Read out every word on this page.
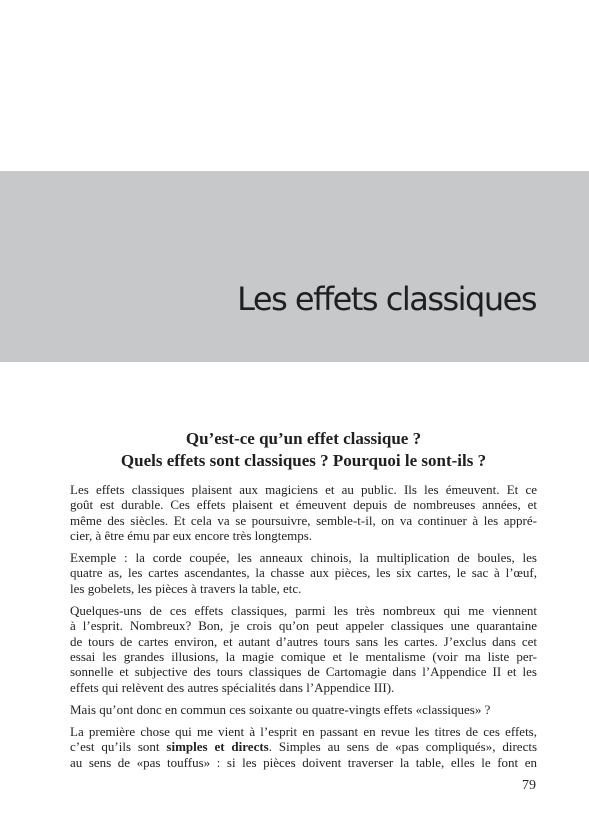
Les effets classiques
Qu’est-ce qu’un effet classique ?
Quels effets sont classiques ? Pourquoi le sont-ils ?

Les effets classiques plaisent aux magiciens et au public. Ils les émeuvent. Et ce
goût est durable. Ces effets plaisent et émeuvent depuis de nombreuses années, et
même des siècles. Et cela va se poursuivre, semble-t-il, on va continuer à les appré-
cier, à être ému par eux encore très longtemps.

Exemple : la corde coupée, les anneaux chinois, la multiplication de boules, les
quatre as, les cartes ascendantes, la chasse aux pièces, les six cartes, le sac à l’œuf,
les gobelets, les pièces à travers la table, etc.

Quelques-uns de ces effets classiques, parmi les très nombreux qui me viennent
à l’esprit. Nombreux? Bon, je crois qu’on peut appeler classiques une quarantaine
de tours de cartes environ, et autant d’autres tours sans les cartes. J’exclus dans cet
essai les grandes illusions, la magie comique et le mentalisme (voir ma liste per-
sonnelle et subjective des tours classiques de Cartomagie dans l’Appendice II et les
effets qui relèvent des autres spécialités dans l’Appendice III).

Mais qu’ont donc en commun ces soixante ou quatre-vingts effets «classiques» ?

La première chose qui me vient à l’esprit en passant en revue les titres de ces effets,
c’est qu’ils sont simples et directs. Simples au sens de «pas compliqués», directs
au sens de «pas touffus» : si les pièces doivent traverser la table, elles le font en

79
